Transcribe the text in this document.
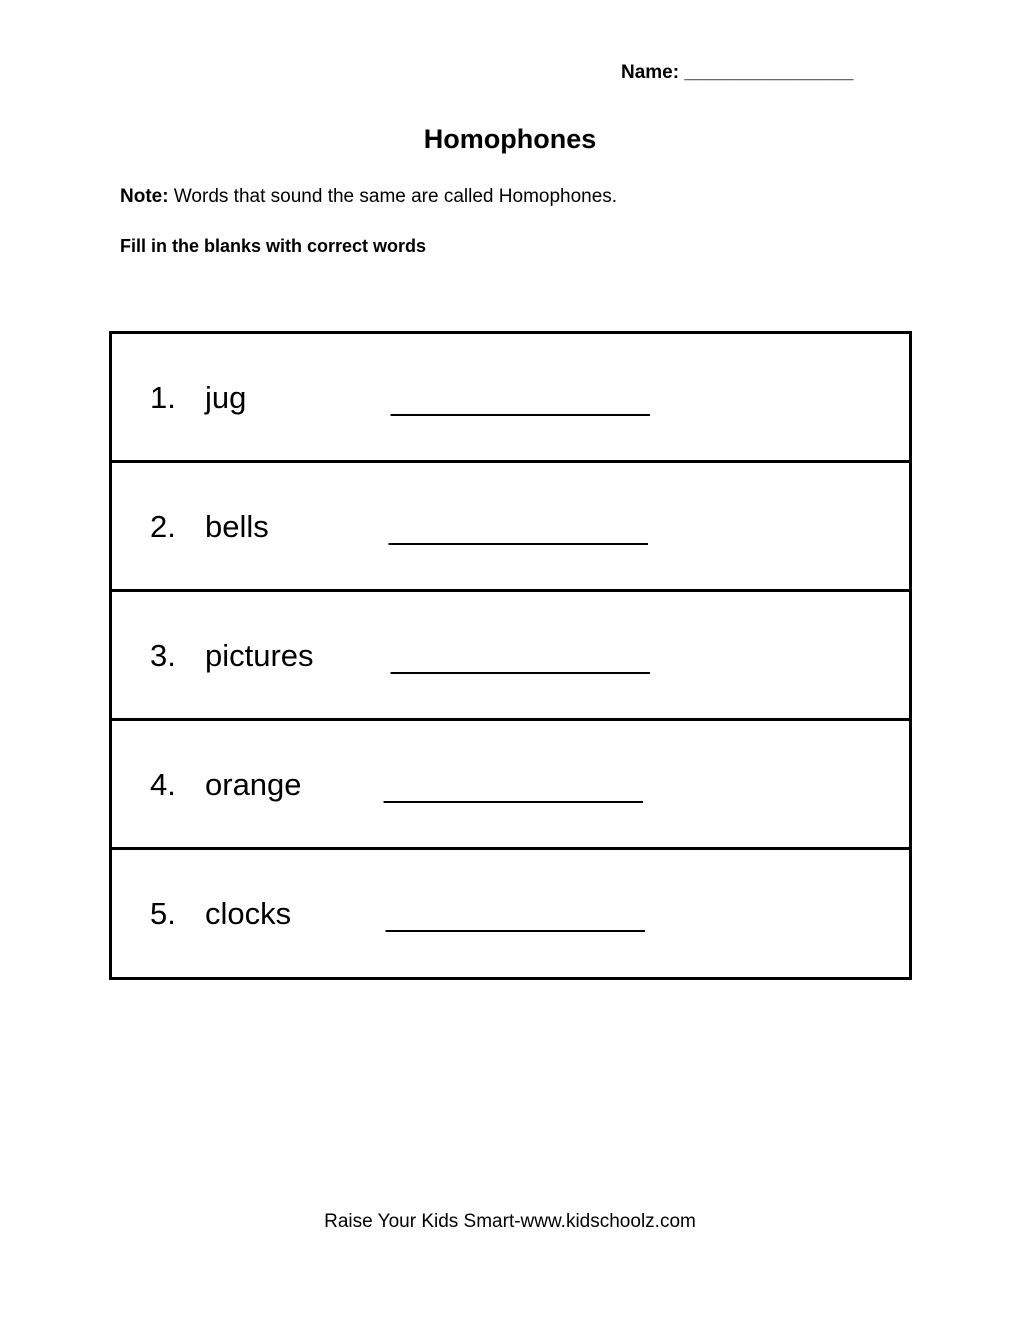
Name: ________________
Homophones
Note: Words that sound the same are called Homophones.
Fill in the blanks with correct words
1. jug	_______________
2. bells	_______________
3. pictures _______________
4. orange	_______________
5. clocks	_______________
Raise Your Kids Smart-www.kidschoolz.com
